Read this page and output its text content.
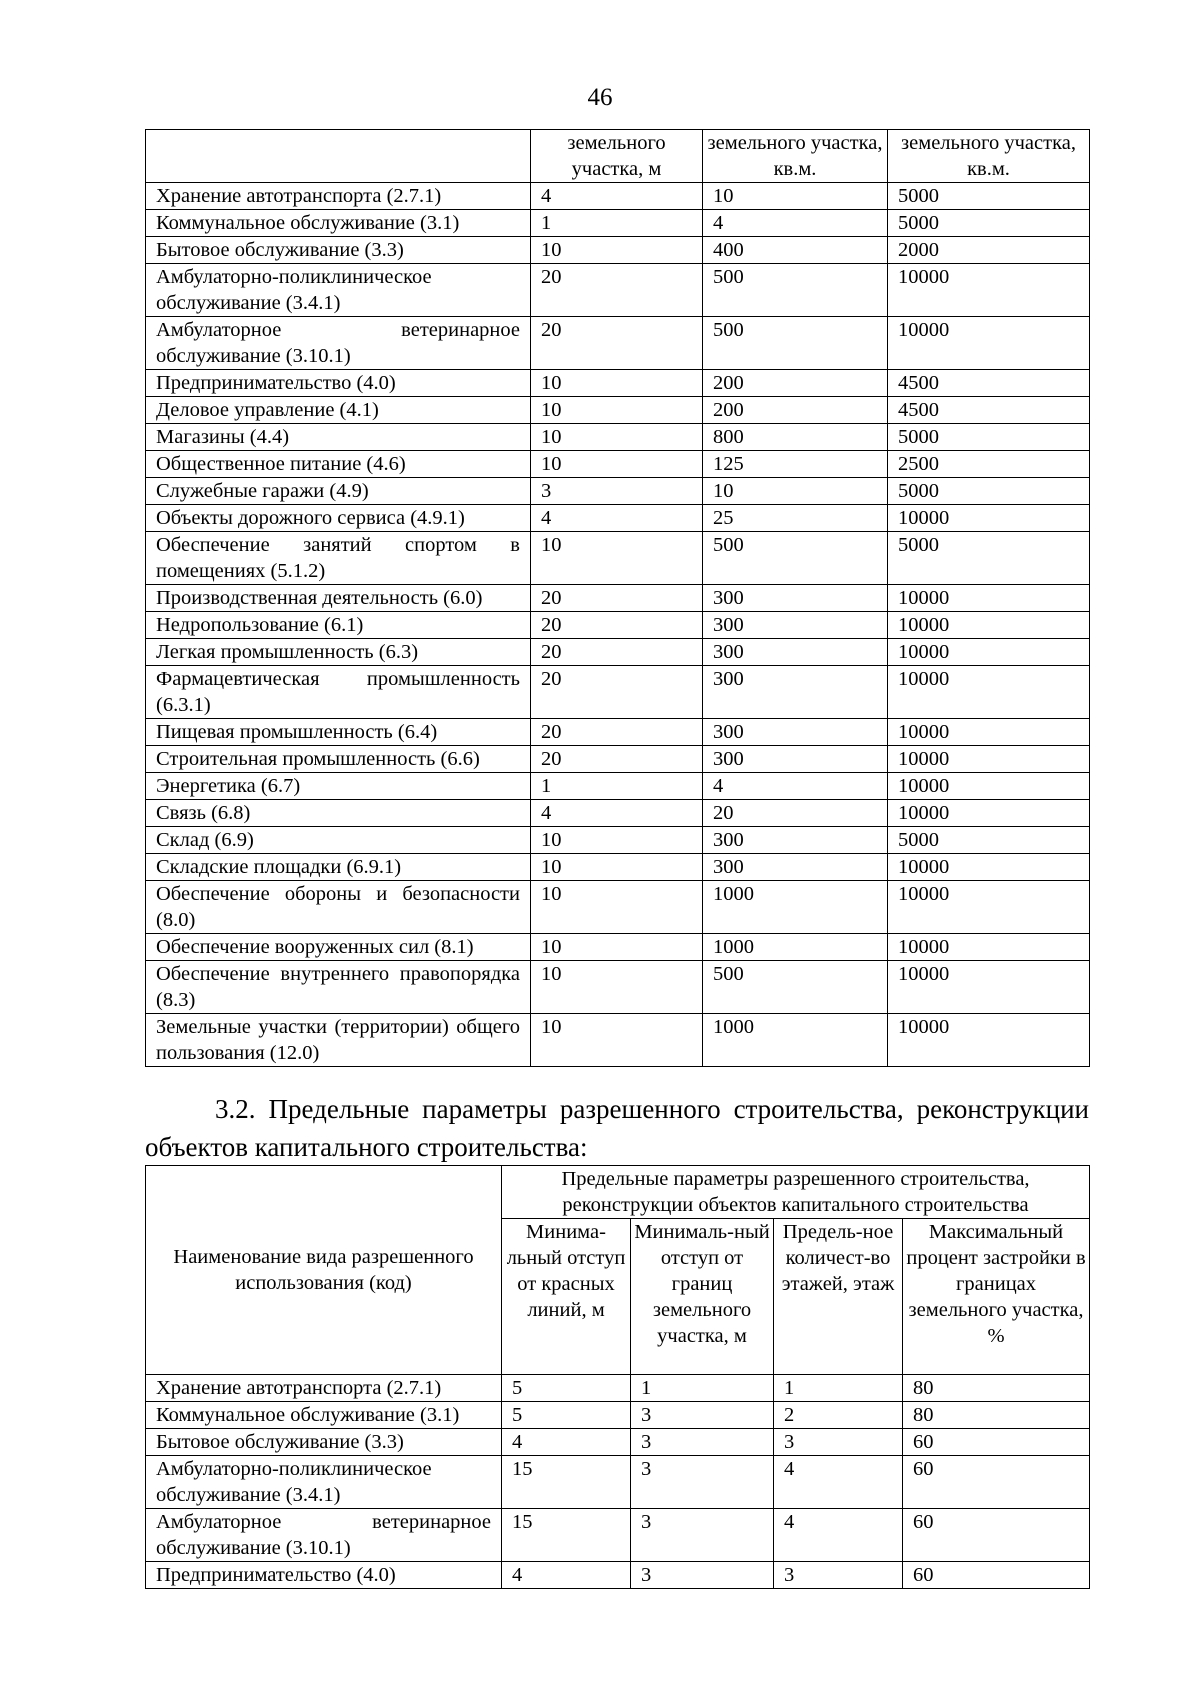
46
	земельного участка, м	земельного участка, кв.м.	земельного участка, кв.м.
Хранение автотранспорта (2.7.1)	4	10	5000
Коммунальное обслуживание (3.1)	1	4	5000
Бытовое обслуживание (3.3)	10	400	2000
Амбулаторно-поликлиническое обслуживание (3.4.1)	20	500	10000
Амбулаторное ветеринарное обслуживание (3.10.1)	20	500	10000
Предпринимательство (4.0)	10	200	4500
Деловое управление (4.1)	10	200	4500
Магазины (4.4)	10	800	5000
Общественное питание (4.6)	10	125	2500
Служебные гаражи (4.9)	3	10	5000
Объекты дорожного сервиса (4.9.1)	4	25	10000
Обеспечение занятий спортом в помещениях (5.1.2)	10	500	5000
Производственная деятельность (6.0)	20	300	10000
Недропользование (6.1)	20	300	10000
Легкая промышленность (6.3)	20	300	10000
Фармацевтическая промышленность (6.3.1)	20	300	10000
Пищевая промышленность (6.4)	20	300	10000
Строительная промышленность (6.6)	20	300	10000
Энергетика (6.7)	1	4	10000
Связь (6.8)	4	20	10000
Склад (6.9)	10	300	5000
Складские площадки (6.9.1)	10	300	10000
Обеспечение обороны и безопасности (8.0)	10	1000	10000
Обеспечение вооруженных сил (8.1)	10	1000	10000
Обеспечение внутреннего правопорядка (8.3)	10	500	10000
Земельные участки (территории) общего пользования (12.0)	10	1000	10000
3.2. Предельные параметры разрешенного строительства, реконструкции объектов капитального строительства:
Наименование вида разрешенного использования (код)	Предельные параметры разрешенного строительства, реконструкции объектов капитального строительства			
	Минима-льный отступ от красных линий, м	Минималь-ный отступ от границ земельного участка, м	Предель-ное количест-во этажей, этаж	Максимальный процент застройки в границах земельного участка, %
Хранение автотранспорта (2.7.1)	5	1	1	80
Коммунальное обслуживание (3.1)	5	3	2	80
Бытовое обслуживание (3.3)	4	3	3	60
Амбулаторно-поликлиническое обслуживание (3.4.1)	15	3	4	60
Амбулаторное ветеринарное обслуживание (3.10.1)	15	3	4	60
Предпринимательство (4.0)	4	3	3	60
